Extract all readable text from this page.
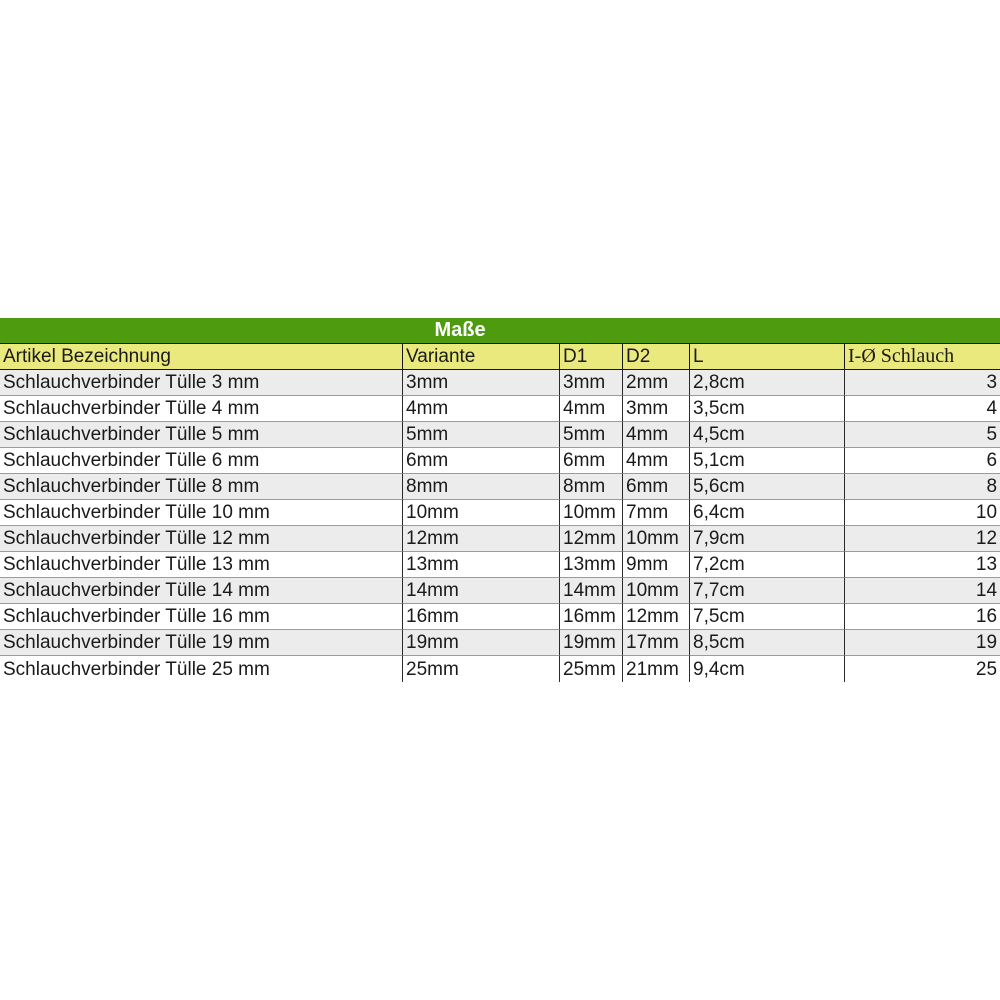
Maße					

Artikel Bezeichnung	Variante	D1	D2	L	I-Ø Schlauch
Schlauchverbinder Tülle 3 mm	3mm	3mm	2mm	2,8cm	3
Schlauchverbinder Tülle 4 mm	4mm	4mm	3mm	3,5cm	4
Schlauchverbinder Tülle 5 mm	5mm	5mm	4mm	4,5cm	5
Schlauchverbinder Tülle 6 mm	6mm	6mm	4mm	5,1cm	6
Schlauchverbinder Tülle 8 mm	8mm	8mm	6mm	5,6cm	8
Schlauchverbinder Tülle 10 mm	10mm	10mm	7mm	6,4cm	10
Schlauchverbinder Tülle 12 mm	12mm	12mm	10mm	7,9cm	12
Schlauchverbinder Tülle 13 mm	13mm	13mm	9mm	7,2cm	13
Schlauchverbinder Tülle 14 mm	14mm	14mm	10mm	7,7cm	14
Schlauchverbinder Tülle 16 mm	16mm	16mm	12mm	7,5cm	16
Schlauchverbinder Tülle 19 mm	19mm	19mm	17mm	8,5cm	19
Schlauchverbinder Tülle 25 mm	25mm	25mm	21mm	9,4cm	25
